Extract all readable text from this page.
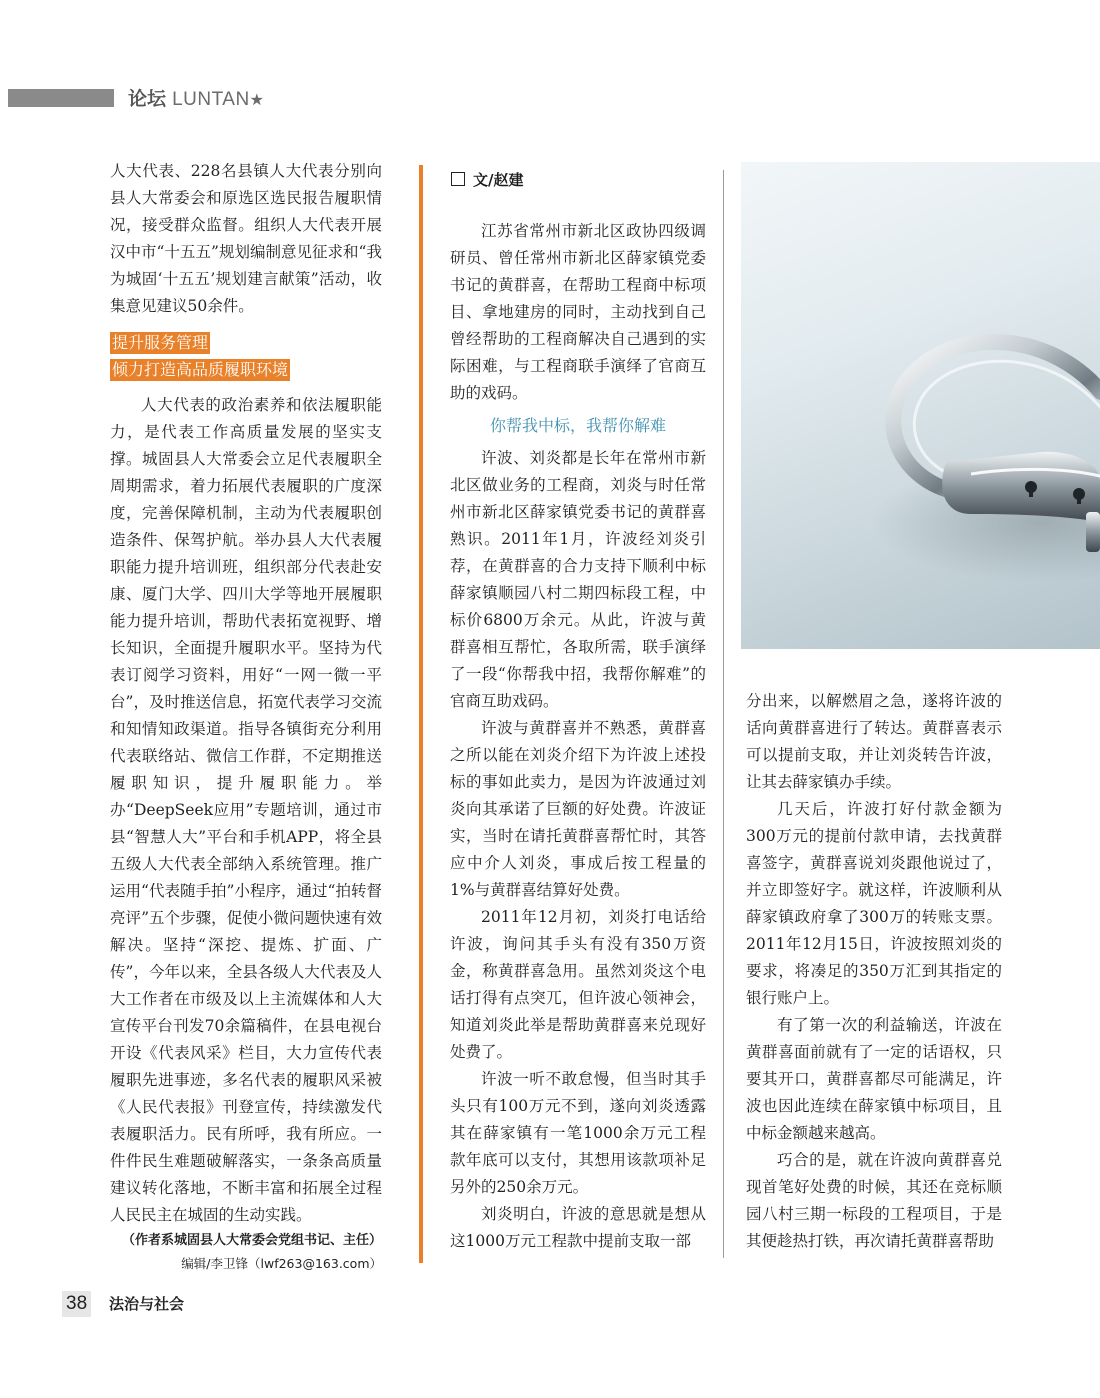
论坛 LUNTAN★

人大代表、228名县镇人大代表分别向县人大常委会和原选区选民报告履职情况，接受群众监督。组织人大代表开展汉中市“十五五”规划编制意见征求和“我为城固‘十五五’规划建言献策”活动，收集意见建议50余件。

提升服务管理
倾力打造高品质履职环境

人大代表的政治素养和依法履职能力，是代表工作高质量发展的坚实支撑。城固县人大常委会立足代表履职全周期需求，着力拓展代表履职的广度深度，完善保障机制，主动为代表履职创造条件、保驾护航。举办县人大代表履职能力提升培训班，组织部分代表赴安康、厦门大学、四川大学等地开展履职能力提升培训，帮助代表拓宽视野、增长知识，全面提升履职水平。坚持为代表订阅学习资料，用好“一网一微一平台”，及时推送信息，拓宽代表学习交流和知情知政渠道。指导各镇街充分利用代表联络站、微信工作群，不定期推送履职知识，提升履职能力。举办“DeepSeek应用”专题培训，通过市县“智慧人大”平台和手机APP，将全县五级人大代表全部纳入系统管理。推广运用“代表随手拍”小程序，通过“拍转督亮评”五个步骤，促使小微问题快速有效解决。坚持“深挖、提炼、扩面、广传”，今年以来，全县各级人大代表及人大工作者在市级及以上主流媒体和人大宣传平台刊发70余篇稿件，在县电视台开设《代表风采》栏目，大力宣传代表履职先进事迹，多名代表的履职风采被《人民代表报》刊登宣传，持续激发代表履职活力。民有所呼，我有所应。一件件民生难题破解落实，一条条高质量建议转化落地，不断丰富和拓展全过程人民民主在城固的生动实践。

（作者系城固县人大常委会党组书记、主任）
编辑/李卫锋（lwf263@163.com）
文/赵建

江苏省常州市新北区政协四级调研员、曾任常州市新北区薛家镇党委书记的黄群喜，在帮助工程商中标项目、拿地建房的同时，主动找到自己曾经帮助的工程商解决自己遇到的实际困难，与工程商联手演绎了官商互助的戏码。

你帮我中标，我帮你解难

许波、刘炎都是长年在常州市新北区做业务的工程商，刘炎与时任常州市新北区薛家镇党委书记的黄群喜熟识。2011年1月，许波经刘炎引荐，在黄群喜的合力支持下顺利中标薛家镇顺园八村二期四标段工程，中标价6800万余元。从此，许波与黄群喜相互帮忙，各取所需，联手演绎了一段“你帮我中招，我帮你解难”的官商互助戏码。

许波与黄群喜并不熟悉，黄群喜之所以能在刘炎介绍下为许波上述投标的事如此卖力，是因为许波通过刘炎向其承诺了巨额的好处费。许波证实，当时在请托黄群喜帮忙时，其答应中介人刘炎，事成后按工程量的1%与黄群喜结算好处费。

2011年12月初，刘炎打电话给许波，询问其手头有没有350万资金，称黄群喜急用。虽然刘炎这个电话打得有点突兀，但许波心领神会，知道刘炎此举是帮助黄群喜来兑现好处费了。

许波一听不敢怠慢，但当时其手头只有100万元不到，遂向刘炎透露其在薛家镇有一笔1000余万元工程款年底可以支付，其想用该款项补足另外的250余万元。

刘炎明白，许波的意思就是想从这1000万元工程款中提前支取一部

分出来，以解燃眉之急，遂将许波的话向黄群喜进行了转达。黄群喜表示可以提前支取，并让刘炎转告许波，让其去薛家镇办手续。

几天后，许波打好付款金额为300万元的提前付款申请，去找黄群喜签字，黄群喜说刘炎跟他说过了，并立即签好字。就这样，许波顺利从薛家镇政府拿了300万的转账支票。2011年12月15日，许波按照刘炎的要求，将凑足的350万汇到其指定的银行账户上。

有了第一次的利益输送，许波在黄群喜面前就有了一定的话语权，只要其开口，黄群喜都尽可能满足，许波也因此连续在薛家镇中标项目，且中标金额越来越高。

巧合的是，就在许波向黄群喜兑现首笔好处费的时候，其还在竞标顺园八村三期一标段的工程项目，于是其便趁热打铁，再次请托黄群喜帮助

38 法治与社会
